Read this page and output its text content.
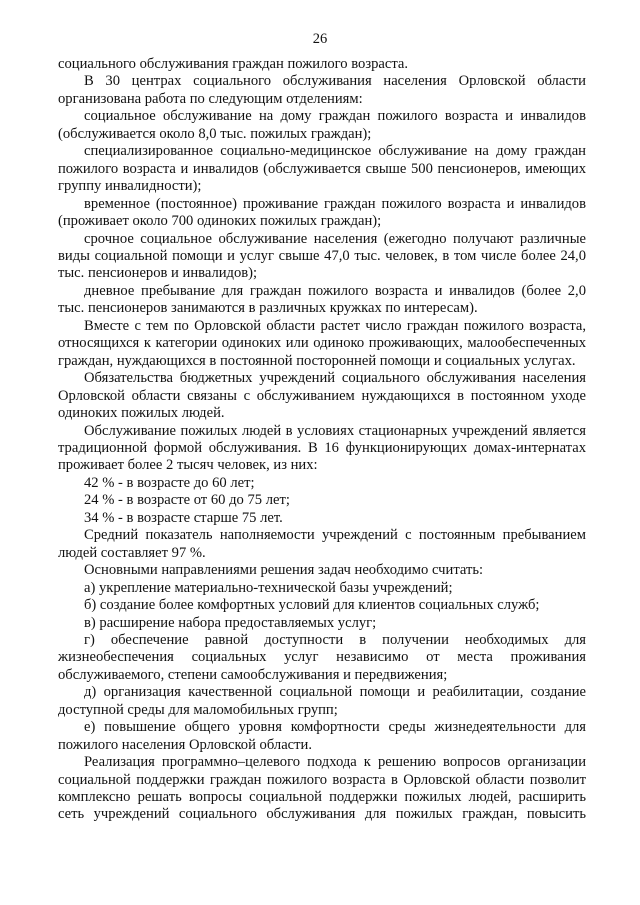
26

социального обслуживания граждан пожилого возраста.

В 30 центрах социального обслуживания населения Орловской области организована работа по следующим отделениям:

социальное обслуживание на дому граждан пожилого возраста и инвалидов (обслуживается около 8,0 тыс. пожилых граждан);

специализированное социально-медицинское обслуживание на дому граждан пожилого возраста и инвалидов (обслуживается свыше 500 пенсионеров, имеющих группу инвалидности);

временное (постоянное) проживание граждан пожилого возраста и инвалидов (проживает около 700 одиноких пожилых граждан);

срочное социальное обслуживание населения (ежегодно получают различные виды социальной помощи и услуг свыше 47,0 тыс. человек, в том числе более 24,0 тыс. пенсионеров и инвалидов);

дневное пребывание для граждан пожилого возраста и инвалидов (более 2,0 тыс. пенсионеров занимаются в различных кружках по интересам).

Вместе с тем по Орловской области растет число граждан пожилого возраста, относящихся к категории одиноких или одиноко проживающих, малообеспеченных граждан, нуждающихся в постоянной посторонней помощи и социальных услугах.

Обязательства бюджетных учреждений социального обслуживания населения Орловской области связаны с обслуживанием нуждающихся в постоянном уходе одиноких пожилых людей.

Обслуживание пожилых людей в условиях стационарных учреждений является традиционной формой обслуживания. В 16 функционирующих домах-интернатах проживает более 2 тысяч человек, из них:

42 % - в возрасте до 60 лет;

24 % - в возрасте от 60 до 75 лет;

34 % - в возрасте старше 75 лет.

Средний показатель наполняемости учреждений с постоянным пребыванием людей составляет 97 %.

Основными направлениями решения задач необходимо считать:

а) укрепление материально-технической базы учреждений;

б) создание более комфортных условий для клиентов социальных служб;

в) расширение набора предоставляемых услуг;

г) обеспечение равной доступности в получении необходимых для жизнеобеспечения социальных услуг независимо от места проживания обслуживаемого, степени самообслуживания и передвижения;

д) организация качественной социальной помощи и реабилитации, создание доступной среды для маломобильных групп;

е) повышение общего уровня комфортности среды жизнедеятельности для пожилого населения Орловской области.

Реализация программно–целевого подхода к решению вопросов организации социальной поддержки граждан пожилого возраста в Орловской области позволит комплексно решать вопросы социальной поддержки пожилых людей, расширить сеть учреждений социального обслуживания для пожилых граждан, повысить
